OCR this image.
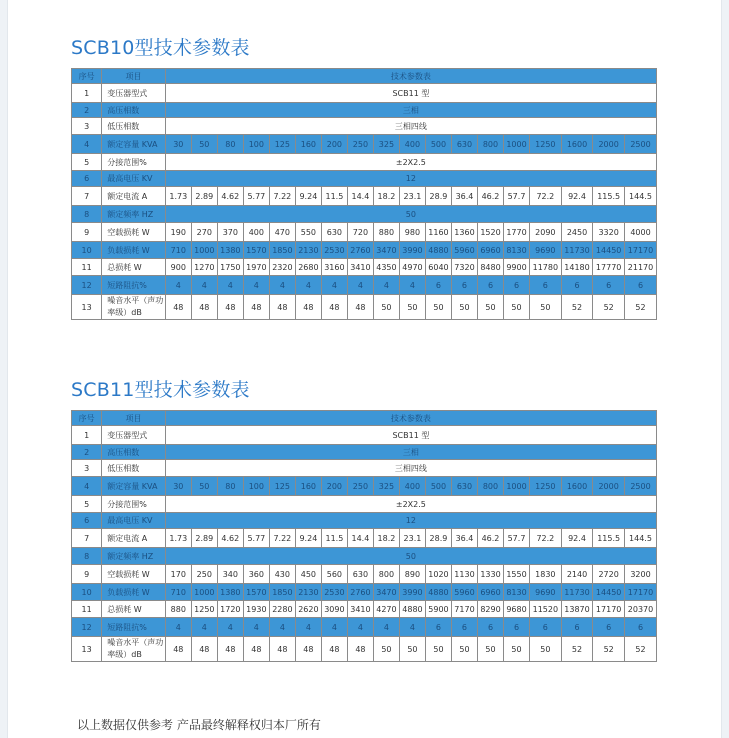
SCB10型技术参数表
序号	项目	技术参数表																	
1	变压器型式	SCB11 型																	
2	高压相数	三相																	
3	低压相数	三相四线																	
4	额定容量 KVA	30	50	80	100	125	160	200	250	325	400	500	630	800	1000	1250	1600	2000	2500
5	分接范围%	±2X2.5																	
6	最高电压 KV	12																	
7	额定电流 A	1.73	2.89	4.62	5.77	7.22	9.24	11.5	14.4	18.2	23.1	28.9	36.4	46.2	57.7	72.2	92.4	115.5	144.5
8	额定频率 HZ	50																	
9	空载损耗 W	190	270	370	400	470	550	630	720	880	980	1160	1360	1520	1770	2090	2450	3320	4000
10	负载损耗 W	710	1000	1380	1570	1850	2130	2530	2760	3470	3990	4880	5960	6960	8130	9690	11730	14450	17170
11	总损耗 W	900	1270	1750	1970	2320	2680	3160	3410	4350	4970	6040	7320	8480	9900	11780	14180	17770	21170
12	短路阻抗%	4	4	4	4	4	4	4	4	4	4	6	6	6	6	6	6	6	6
13	噪音水平（声功率级）dB	48	48	48	48	48	48	48	48	50	50	50	50	50	50	50	52	52	52
SCB11型技术参数表
序号	项目	技术参数表																	
1	变压器型式	SCB11 型																	
2	高压相数	三相																	
3	低压相数	三相四线																	
4	额定容量 KVA	30	50	80	100	125	160	200	250	325	400	500	630	800	1000	1250	1600	2000	2500
5	分接范围%	±2X2.5																	
6	最高电压 KV	12																	
7	额定电流 A	1.73	2.89	4.62	5.77	7.22	9.24	11.5	14.4	18.2	23.1	28.9	36.4	46.2	57.7	72.2	92.4	115.5	144.5
8	额定频率 HZ	50																	
9	空载损耗 W	170	250	340	360	430	450	560	630	800	890	1020	1130	1330	1550	1830	2140	2720	3200
10	负载损耗 W	710	1000	1380	1570	1850	2130	2530	2760	3470	3990	4880	5960	6960	8130	9690	11730	14450	17170
11	总损耗 W	880	1250	1720	1930	2280	2620	3090	3410	4270	4880	5900	7170	8290	9680	11520	13870	17170	20370
12	短路阻抗%	4	4	4	4	4	4	4	4	4	4	6	6	6	6	6	6	6	6
13	噪音水平（声功率级）dB	48	48	48	48	48	48	48	48	50	50	50	50	50	50	50	52	52	52

以上数据仅供参考 产品最终解释权归本厂所有
